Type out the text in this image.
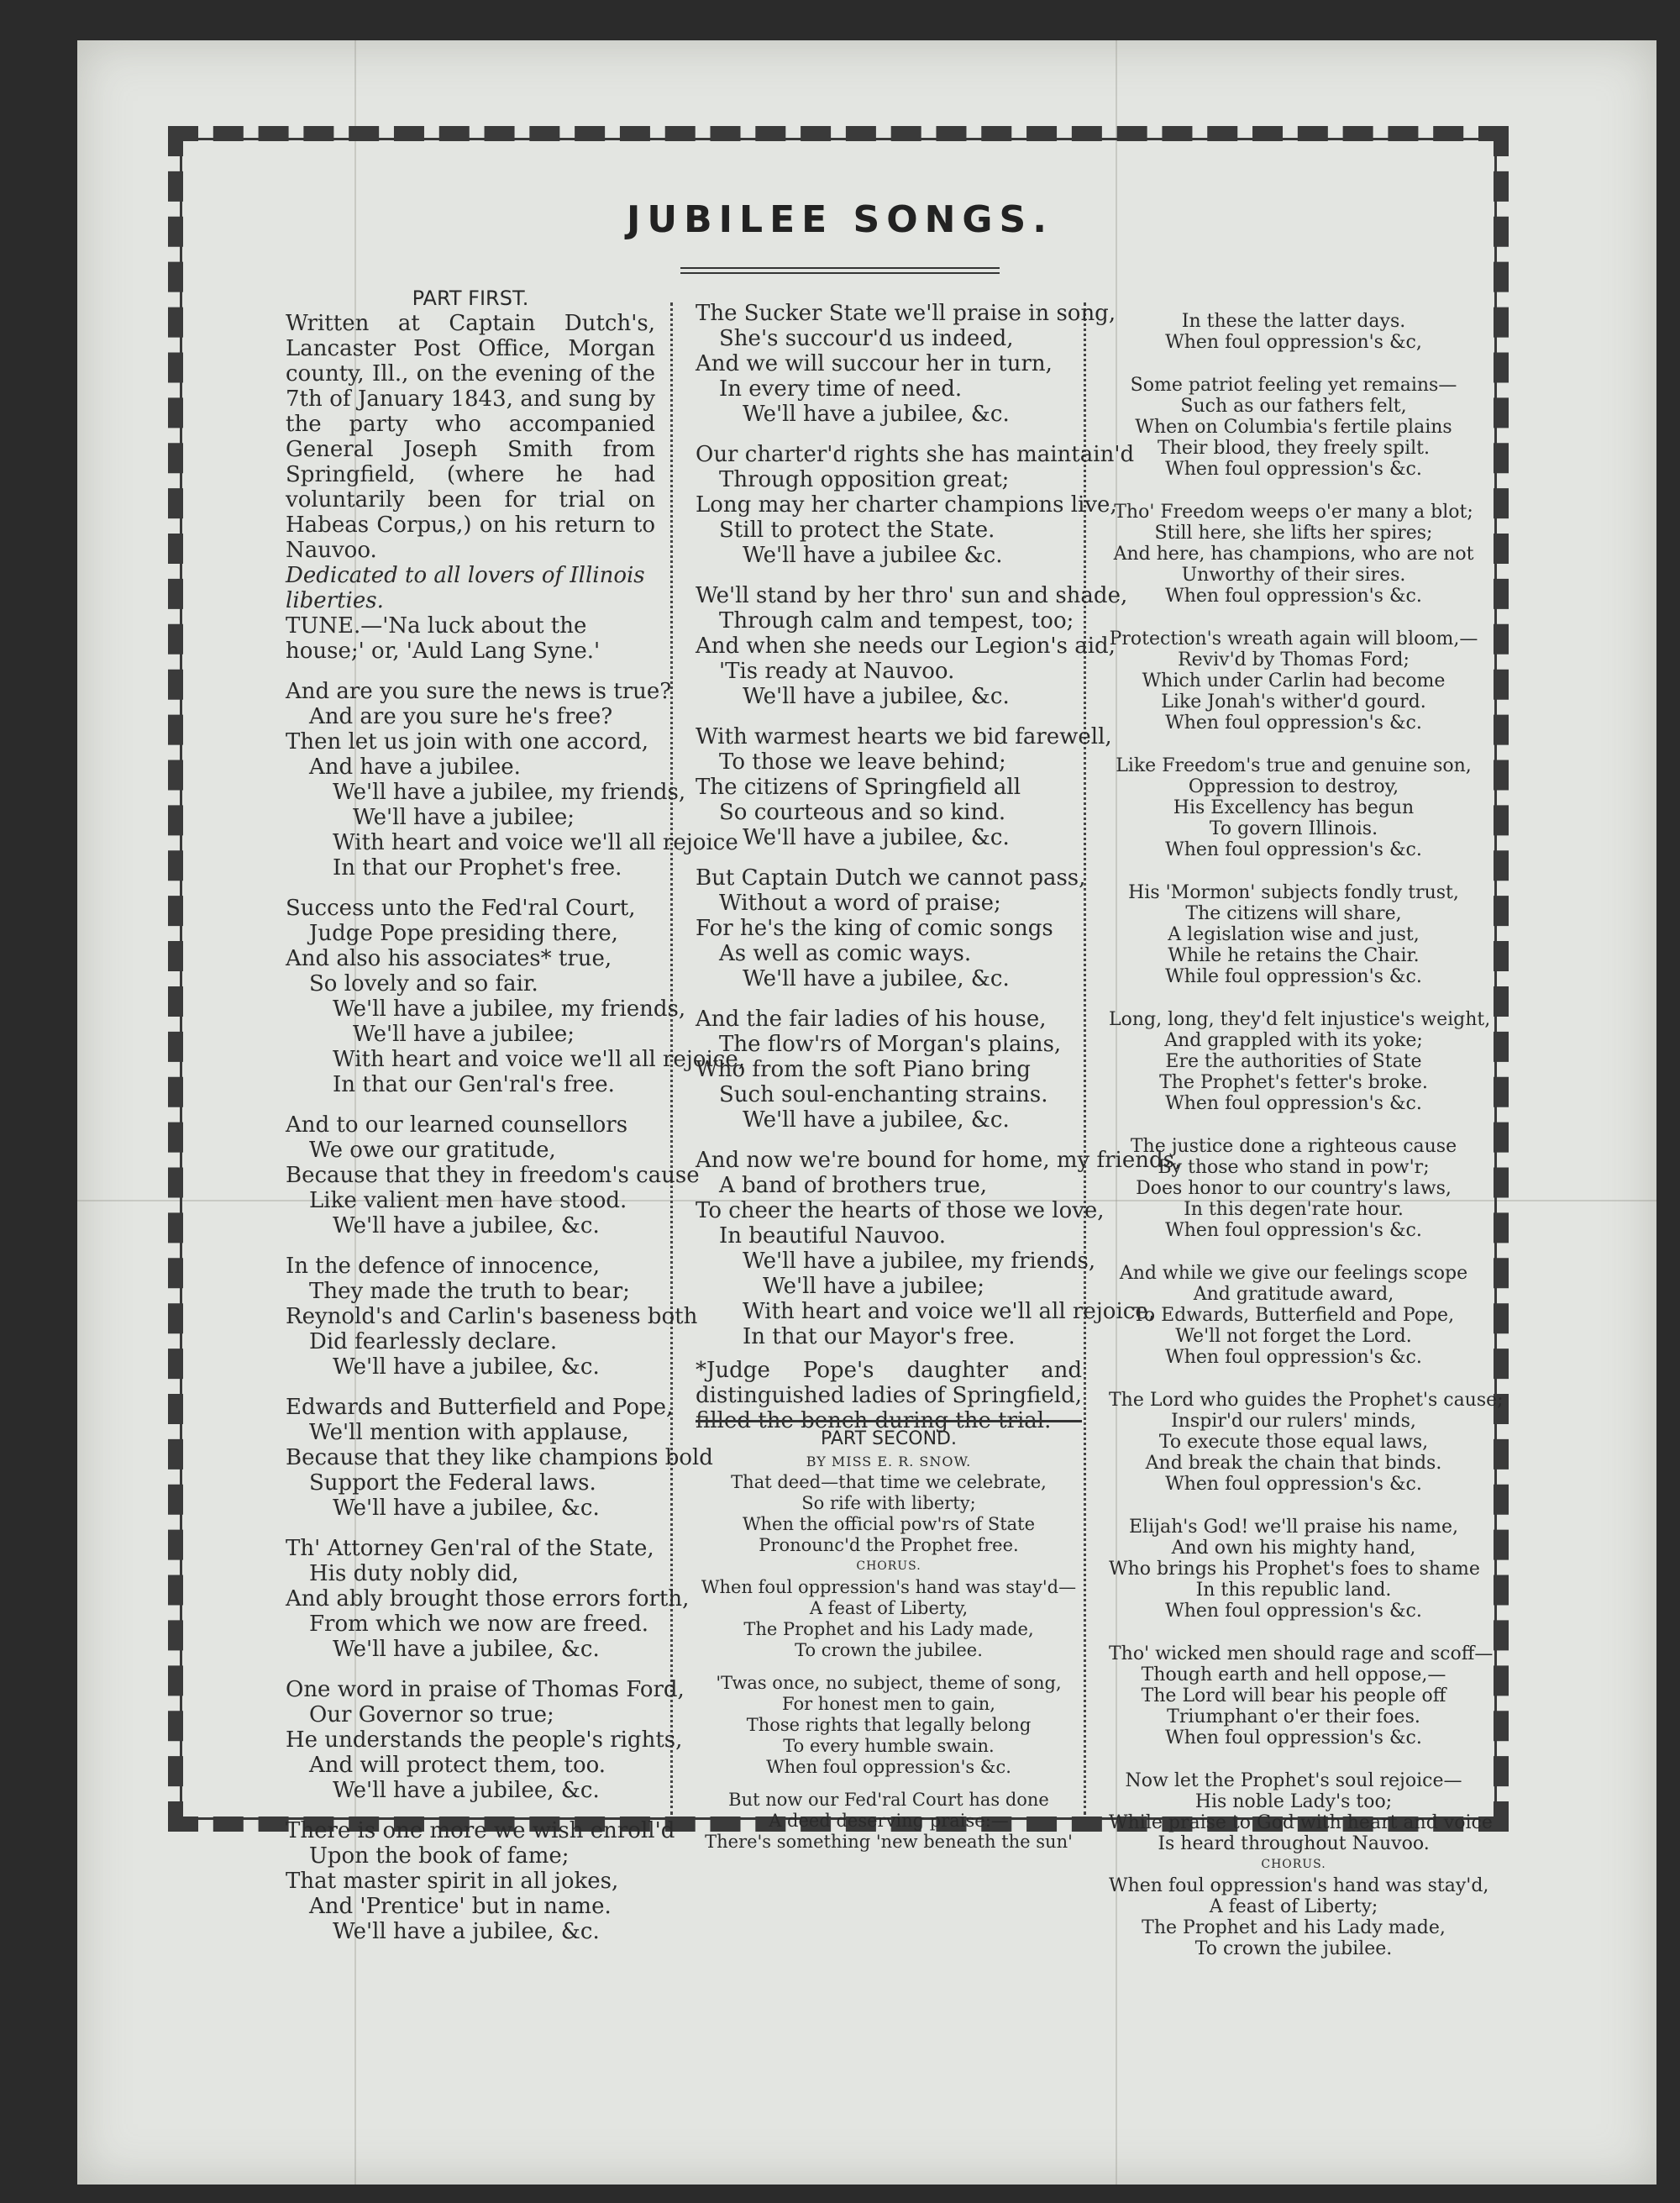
JUBILEE SONGS.
PART FIRST.
Written at Captain Dutch's, Lancaster Post Office, Morgan county, Ill., on the evening of the 7th of January 1843, and sung by the party who accompanied General Joseph Smith from Springfield, (where he had voluntarily been for trial on Habeas Corpus,) on his return to Nauvoo.
Dedicated to all lovers of Illinois liberties.
TUNE.—'Na luck about the house;' or, 'Auld Lang Syne.'
And are you sure the news is true?
And are you sure he's free?
Then let us join with one accord,
And have a jubilee.
We'll have a jubilee, my friends,
We'll have a jubilee;
With heart and voice we'll all rejoice
In that our Prophet's free.
Success unto the Fed'ral Court,
Judge Pope presiding there,
And also his associates* true,
So lovely and so fair.
We'll have a jubilee, my friends,
We'll have a jubilee;
With heart and voice we'll all rejoice,
In that our Gen'ral's free.
And to our learned counsellors
We owe our gratitude,
Because that they in freedom's cause
Like valient men have stood.
We'll have a jubilee, &c.
In the defence of innocence,
They made the truth to bear;
Reynold's and Carlin's baseness both
Did fearlessly declare.
We'll have a jubilee, &c.
Edwards and Butterfield and Pope,
We'll mention with applause,
Because that they like champions bold
Support the Federal laws.
We'll have a jubilee, &c.
Th' Attorney Gen'ral of the State,
His duty nobly did,
And ably brought those errors forth,
From which we now are freed.
We'll have a jubilee, &c.
One word in praise of Thomas Ford,
Our Governor so true;
He understands the people's rights,
And will protect them, too.
We'll have a jubilee, &c.
There is one more we wish enroll'd
Upon the book of fame;
That master spirit in all jokes,
And 'Prentice' but in name.
We'll have a jubilee, &c.
The Sucker State we'll praise in song,
She's succour'd us indeed,
And we will succour her in turn,
In every time of need.
We'll have a jubilee, &c.
Our charter'd rights she has maintain'd
Through opposition great;
Long may her charter champions live,
Still to protect the State.
We'll have a jubilee &c.
We'll stand by her thro' sun and shade,
Through calm and tempest, too;
And when she needs our Legion's aid,
'Tis ready at Nauvoo.
We'll have a jubilee, &c.
With warmest hearts we bid farewell,
To those we leave behind;
The citizens of Springfield all
So courteous and so kind.
We'll have a jubilee, &c.
But Captain Dutch we cannot pass,
Without a word of praise;
For he's the king of comic songs
As well as comic ways.
We'll have a jubilee, &c.
And the fair ladies of his house,
The flow'rs of Morgan's plains,
Who from the soft Piano bring
Such soul-enchanting strains.
We'll have a jubilee, &c.
And now we're bound for home, my friends,
A band of brothers true,
To cheer the hearts of those we love,
In beautiful Nauvoo.
We'll have a jubilee, my friends,
We'll have a jubilee;
With heart and voice we'll all rejoice,
In that our Mayor's free.
*Judge Pope's daughter and distinguished ladies of Springfield, filled the bench during the trial.
PART SECOND.
BY MISS E. R. SNOW.
That deed—that time we celebrate,
So rife with liberty;
When the official pow'rs of State
Pronounc'd the Prophet free.
CHORUS.
When foul oppression's hand was stay'd—
A feast of Liberty,
The Prophet and his Lady made,
To crown the jubilee.
'Twas once, no subject, theme of song,
For honest men to gain,
Those rights that legally belong
To every humble swain.
When foul oppression's &c.
But now our Fed'ral Court has done
A deed deserving praise:—
There's something 'new beneath the sun'
In these the latter days.
When foul oppression's &c,
Some patriot feeling yet remains—
Such as our fathers felt,
When on Columbia's fertile plains
Their blood, they freely spilt.
When foul oppression's &c.
Tho' Freedom weeps o'er many a blot;
Still here, she lifts her spires;
And here, has champions, who are not
Unworthy of their sires.
When foul oppression's &c.
Protection's wreath again will bloom,—
Reviv'd by Thomas Ford;
Which under Carlin had become
Like Jonah's wither'd gourd.
When foul oppression's &c.
Like Freedom's true and genuine son,
Oppression to destroy,
His Excellency has begun
To govern Illinois.
When foul oppression's &c.
His 'Mormon' subjects fondly trust,
The citizens will share,
A legislation wise and just,
While he retains the Chair.
While foul oppression's &c.
Long, long, they'd felt injustice's weight,
And grappled with its yoke;
Ere the authorities of State
The Prophet's fetter's broke.
When foul oppression's &c.
The justice done a righteous cause
By those who stand in pow'r;
Does honor to our country's laws,
In this degen'rate hour.
When foul oppression's &c.
And while we give our feelings scope
And gratitude award,
To Edwards, Butterfield and Pope,
We'll not forget the Lord.
When foul oppression's &c.
The Lord who guides the Prophet's cause;
Inspir'd our rulers' minds,
To execute those equal laws,
And break the chain that binds.
When foul oppression's &c.
Elijah's God! we'll praise his name,
And own his mighty hand,
Who brings his Prophet's foes to shame
In this republic land.
When foul oppression's &c.
Tho' wicked men should rage and scoff—
Though earth and hell oppose,—
The Lord will bear his people off
Triumphant o'er their foes.
When foul oppression's &c.
Now let the Prophet's soul rejoice—
His noble Lady's too;
While praise to God with heart and voice
Is heard throughout Nauvoo.
CHORUS.
When foul oppression's hand was stay'd,
A feast of Liberty;
The Prophet and his Lady made,
To crown the jubilee.
